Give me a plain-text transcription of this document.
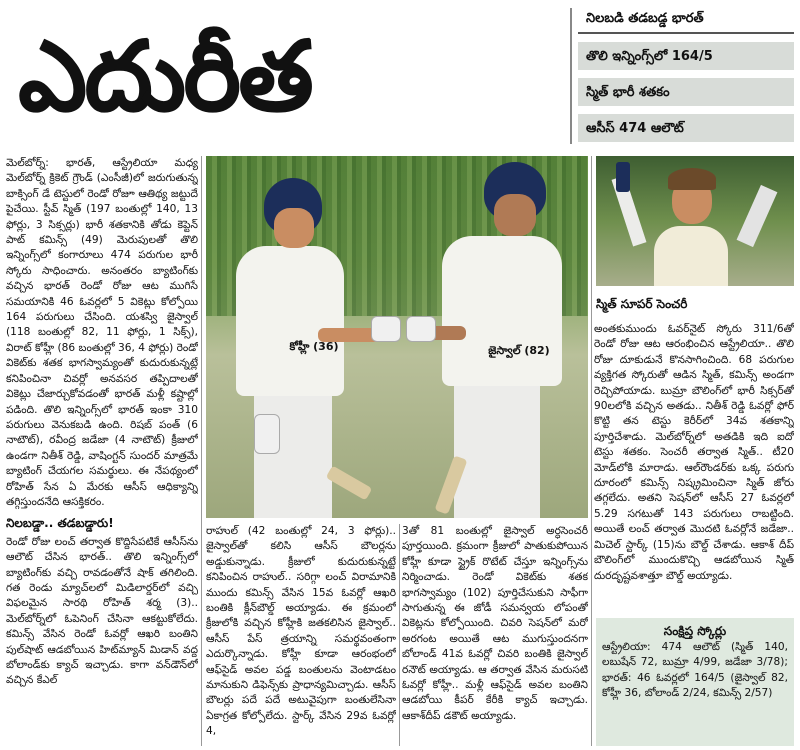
ఎదురీత
నిలబడి తడబడ్డ భారత్
తొలి ఇన్నింగ్స్‌లో 164/5
స్మిత్ భారీ శతకం
ఆసీస్ 474 ఆలౌట్

మెల్‌బోర్న్: భారత్, ఆస్ట్రేలియా మధ్య మెల్‌బోర్న్ క్రికెట్ గ్రౌండ్ (ఎంసీజీ)లో జరుగుతున్న బాక్సింగ్ డే టెస్టులో రెండో రోజూ ఆతిథ్య జట్టుదే పైచేయి. స్టీవ్ స్మిత్ (197 బంతుల్లో 140, 13 ఫోర్లు, 3 సిక్సర్లు) భారీ శతకానికి తోడు కెప్టెన్ పాట్ కమిన్స్ (49) మెరుపులతో తొలి ఇన్నింగ్స్‌లో కంగారూలు 474 పరుగుల భారీ స్కోరు సాధించారు. అనంతరం బ్యాటింగ్‌కు వచ్చిన భారత్ రెండో రోజు ఆట ముగిసే సమయానికి 46 ఓవర్లలో 5 వికెట్లు కోల్పోయి 164 పరుగులు చేసింది. యశస్వి జైస్వాల్ (118 బంతుల్లో 82, 11 ఫోర్లు, 1 సిక్స్), విరాట్ కోహ్లీ (86 బంతుల్లో 36, 4 ఫోర్లు) రెండో వికెట్‌కు శతక భాగస్వామ్యంతో కుదురుకున్నట్లే కనిపించినా చివర్లో అనవసర తప్పిదాలతో వికెట్లు చేజార్చుకోవడంతో భారత్ మళ్లీ కష్టాల్లో పడింది. తొలి ఇన్నింగ్స్‌లో భారత్ ఇంకా 310 పరుగులు వెనుకబడి ఉంది. రిషబ్ పంత్ (6 నాటౌట్), రవీంద్ర జడేజా (4 నాటౌట్) క్రీజులో ఉండగా నితీశ్ రెడ్డి, వాషింగ్టన్ సుందర్ మాత్రమే బ్యాటింగ్ చేయగల సమర్థులు. ఈ నేపథ్యంలో రోహిత్ సేన ఏ మేరకు ఆసీస్ ఆధిక్యాన్ని తగ్గిస్తుందనేది ఆసక్తికరం.

నిలబడ్డా.. తడబడ్డారు!

రెండో రోజు లంచ్ తర్వాత కొద్దిసేపటికే ఆసీస్‌ను ఆలౌట్ చేసిన భారత్.. తొలి ఇన్నింగ్స్‌లో బ్యాటింగ్‌కు వచ్చి రావడంతోనే షాక్ తగిలింది. గత రెండు మ్యాచ్‌లలో మిడిలార్డర్‌లో వచ్చి విఫలమైన సారథి రోహిత్ శర్మ (3).. మెల్‌బోర్న్‌లో ఓపెనింగ్ చేసినా ఆకట్టుకోలేదు. కమిన్స్ వేసిన రెండో ఓవర్లో ఆఖరి బంతిని పుల్‌షాట్ ఆడబోయిన హిట్‌మ్యాన్ మిడాన్ వద్ద బోలాండ్‌కు క్యాచ్ ఇచ్చాడు. కాగా వన్‌డౌన్‌లో వచ్చిన కేఎల్

కోహ్లీ (36)	జైస్వాల్ (82)
స్మిత్ సూపర్ సెంచరీ

రాహుల్ (42 బంతుల్లో 24, 3 ఫోర్లు).. జైస్వాల్‌తో కలిసి ఆసీస్ బౌలర్లను అడ్డుకున్నాడు. క్రీజులో కుదురుకున్నట్టే కనిపించిన రాహుల్.. సరిగ్గా లంచ్ విరామానికి ముందు కమిన్స్ వేసిన 15వ ఓవర్లో ఆఖరి బంతికి క్లీన్‌బౌల్డ్ అయ్యాడు. ఈ క్రమంలో క్రీజులోకి వచ్చిన కోహ్లీకి జతకలిసిన జైస్వాల్.. ఆసీస్ పేస్ త్రయాన్ని సమర్థవంతంగా ఎదుర్కొన్నాడు. కోహ్లీ కూడా ఆరంభంలో ఆఫ్‌సైడ్ అవల పడ్డ బంతులను వెంటాడటం మానుకుని డిఫెన్స్‌కు ప్రాధాన్యమిచ్చాడు. ఆసీస్ బౌలర్లు పదే పదే అటువైపుగా బంతులేసినా ఏకాగ్రత కోల్పోలేదు. స్టార్క్ వేసిన 29వ ఓవర్లో 4,

3తో 81 బంతుల్లో జైస్వాల్ అర్ధసెంచరీ పూర్తయింది. క్రమంగా క్రీజులో పాతుకుపోయిన కోహ్లీ కూడా స్ట్రైక్ రొటేట్ చేస్తూ ఇన్నింగ్స్‌ను నిర్మించాడు. రెండో వికెట్‌కు శతక భాగస్వామ్యం (102) పూర్తిచేసుకుని సాఫీగా సాగుతున్న ఈ జోడీ సమన్వయ లోపంతో వికెట్లను కోల్పోయింది. చివరి సెషన్‌లో మరో అరగంట అయితే ఆట ముగుస్తుందనగా బోలాండ్ 41వ ఓవర్లో చివరి బంతికి జైస్వాల్ రనౌట్ అయ్యాడు. ఆ తర్వాత వేసిన మరుసటి ఓవర్లో కోహ్లీ.. మళ్లీ ఆఫ్‌సైడ్ అవల బంతిని ఆడబోయి కీపర్ కేరీకి క్యాచ్ ఇచ్చాడు. ఆకాశ్‌దీప్ డకౌట్ అయ్యాడు.

అంతకుముందు ఓవర్‌నైట్ స్కోరు 311/6తో రెండో రోజు ఆట ఆరంభించిన ఆస్ట్రేలియా.. తొలి రోజు దూకుడునే కొనసాగించింది. 68 పరుగుల వ్యక్తిగత స్కోరుతో ఆడిన స్మిత్, కమిన్స్ అండగా రెచ్చిపోయాడు. బుమ్రా బౌలింగ్‌లో భారీ సిక్సర్‌తో 90లలోకి వచ్చిన అతడు.. నితీశ్ రెడ్డి ఓవర్లో ఫోర్ కొట్టి తన టెస్టు కెరీర్‌లో 34వ శతకాన్ని పూర్తిచేశాడు. మెల్‌బోర్న్‌లో అతడికి ఇది ఐదో టెస్టు శతకం. సెంచరీ తర్వాత స్మిత్.. టీ20 మోడ్‌లోకి మారాడు. ఆల్‌రౌండర్‌కు ఒక్క పరుగు దూరంలో కమిన్స్ నిష్క్రమించినా స్మిత్ జోరు తగ్గలేదు. అతని సెషన్‌లో ఆసీస్ 27 ఓవర్లలో 5.29 సగటుతో 143 పరుగులు రాబట్టింది. అయితే లంచ్ తర్వాత మొదటి ఓవర్లోనే జడేజా.. మిచెల్ స్టార్క్ (15)ను బౌల్డ్ చేశాడు. ఆకాశ్ దీప్ బౌలింగ్‌లో ముందుకొచ్చి ఆడబోయిన స్మిత్ దురదృష్టవశాత్తూ బౌల్డ్ అయ్యాడు.

సంక్షిప్త స్కోర్లు
ఆస్ట్రేలియా: 474 ఆలౌట్ (స్మిత్ 140, లబుషేన్ 72, బుమ్రా 4/99, జడేజా 3/78); భారత్: 46 ఓవర్లలో 164/5 (జైస్వాల్ 82, కోహ్లీ 36, బోలాండ్ 2/24, కమిన్స్ 2/57)
